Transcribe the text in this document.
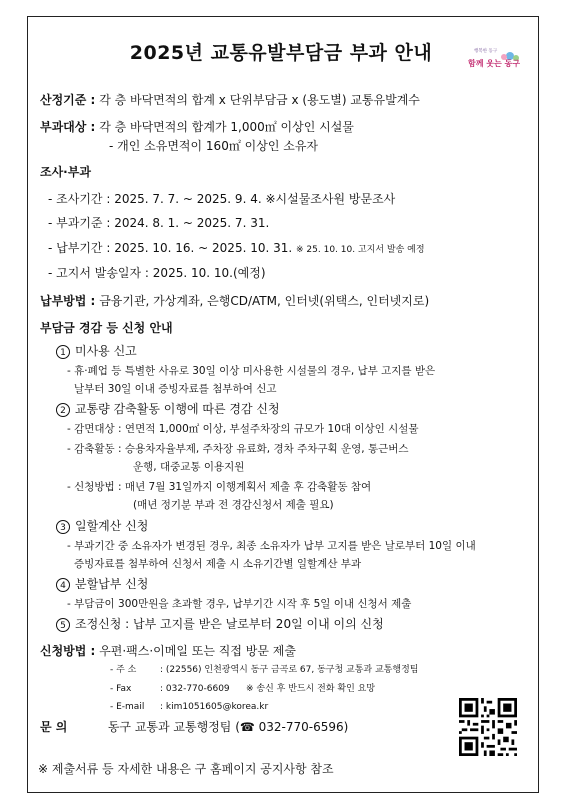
2025년 교통유발부담금 부과 안내	행복한 동구
함께 웃는 동구
산정기준 : 각 층 바닥면적의 합계 x 단위부담금 x (용도별) 교통유발계수
부과대상 : 각 층 바닥면적의 합계가 1,000㎡ 이상인 시설물
- 개인 소유면적이 160㎡ 이상인 소유자
조사·부과
- 조사기간 : 2025. 7. 7. ~ 2025. 9. 4. ※시설물조사원 방문조사
- 부과기준 : 2024. 8. 1. ~ 2025. 7. 31.
- 납부기간 : 2025. 10. 16. ~ 2025. 10. 31. ※ 25. 10. 10. 고지서 발송 예정
- 고지서 발송일자 : 2025. 10. 10.(예정)
납부방법 : 금융기관, 가상계좌, 은행CD/ATM, 인터넷(위택스, 인터넷지로)
부담금 경감 등 신청 안내
1 미사용 신고
- 휴·폐업 등 특별한 사유로 30일 이상 미사용한 시설물의 경우, 납부 고지를 받은
날부터 30일 이내 증빙자료를 첨부하여 신고
2 교통량 감축활동 이행에 따른 경감 신청
- 감면대상 : 연면적 1,000㎡ 이상, 부설주차장의 규모가 10대 이상인 시설물
- 감축활동 : 승용차자율부제, 주차장 유료화, 경차 주차구획 운영, 통근버스
운행, 대중교통 이용지원
- 신청방법 : 매년 7월 31일까지 이행계획서 제출 후 감축활동 참여
(매년 정기분 부과 전 경감신청서 제출 필요)
3 일할계산 신청
- 부과기간 중 소유자가 변경된 경우, 최종 소유자가 납부 고지를 받은 날로부터 10일 이내
증빙자료를 첨부하여 신청서 제출 시 소유기간별 일할계산 부과
4 분할납부 신청
- 부담금이 300만원을 초과할 경우, 납부기간 시작 후 5일 이내 신청서 제출
5 조정신청 : 납부 고지를 받은 날로부터 20일 이내 이의 신청
신청방법 : 우편·팩스·이메일 또는 직접 방문 제출
- 주 소	: (22556) 인천광역시 동구 금곡로 67, 동구청 교통과 교통행정팀
- Fax	: 032-770-6609 ※ 송신 후 반드시 전화 확인 요망
- E-mail : kim1051605@korea.kr
문 의	동구 교통과 교통행정팀 (☎ 032-770-6596)
※ 제출서류 등 자세한 내용은 구 홈페이지 공지사항 참조
